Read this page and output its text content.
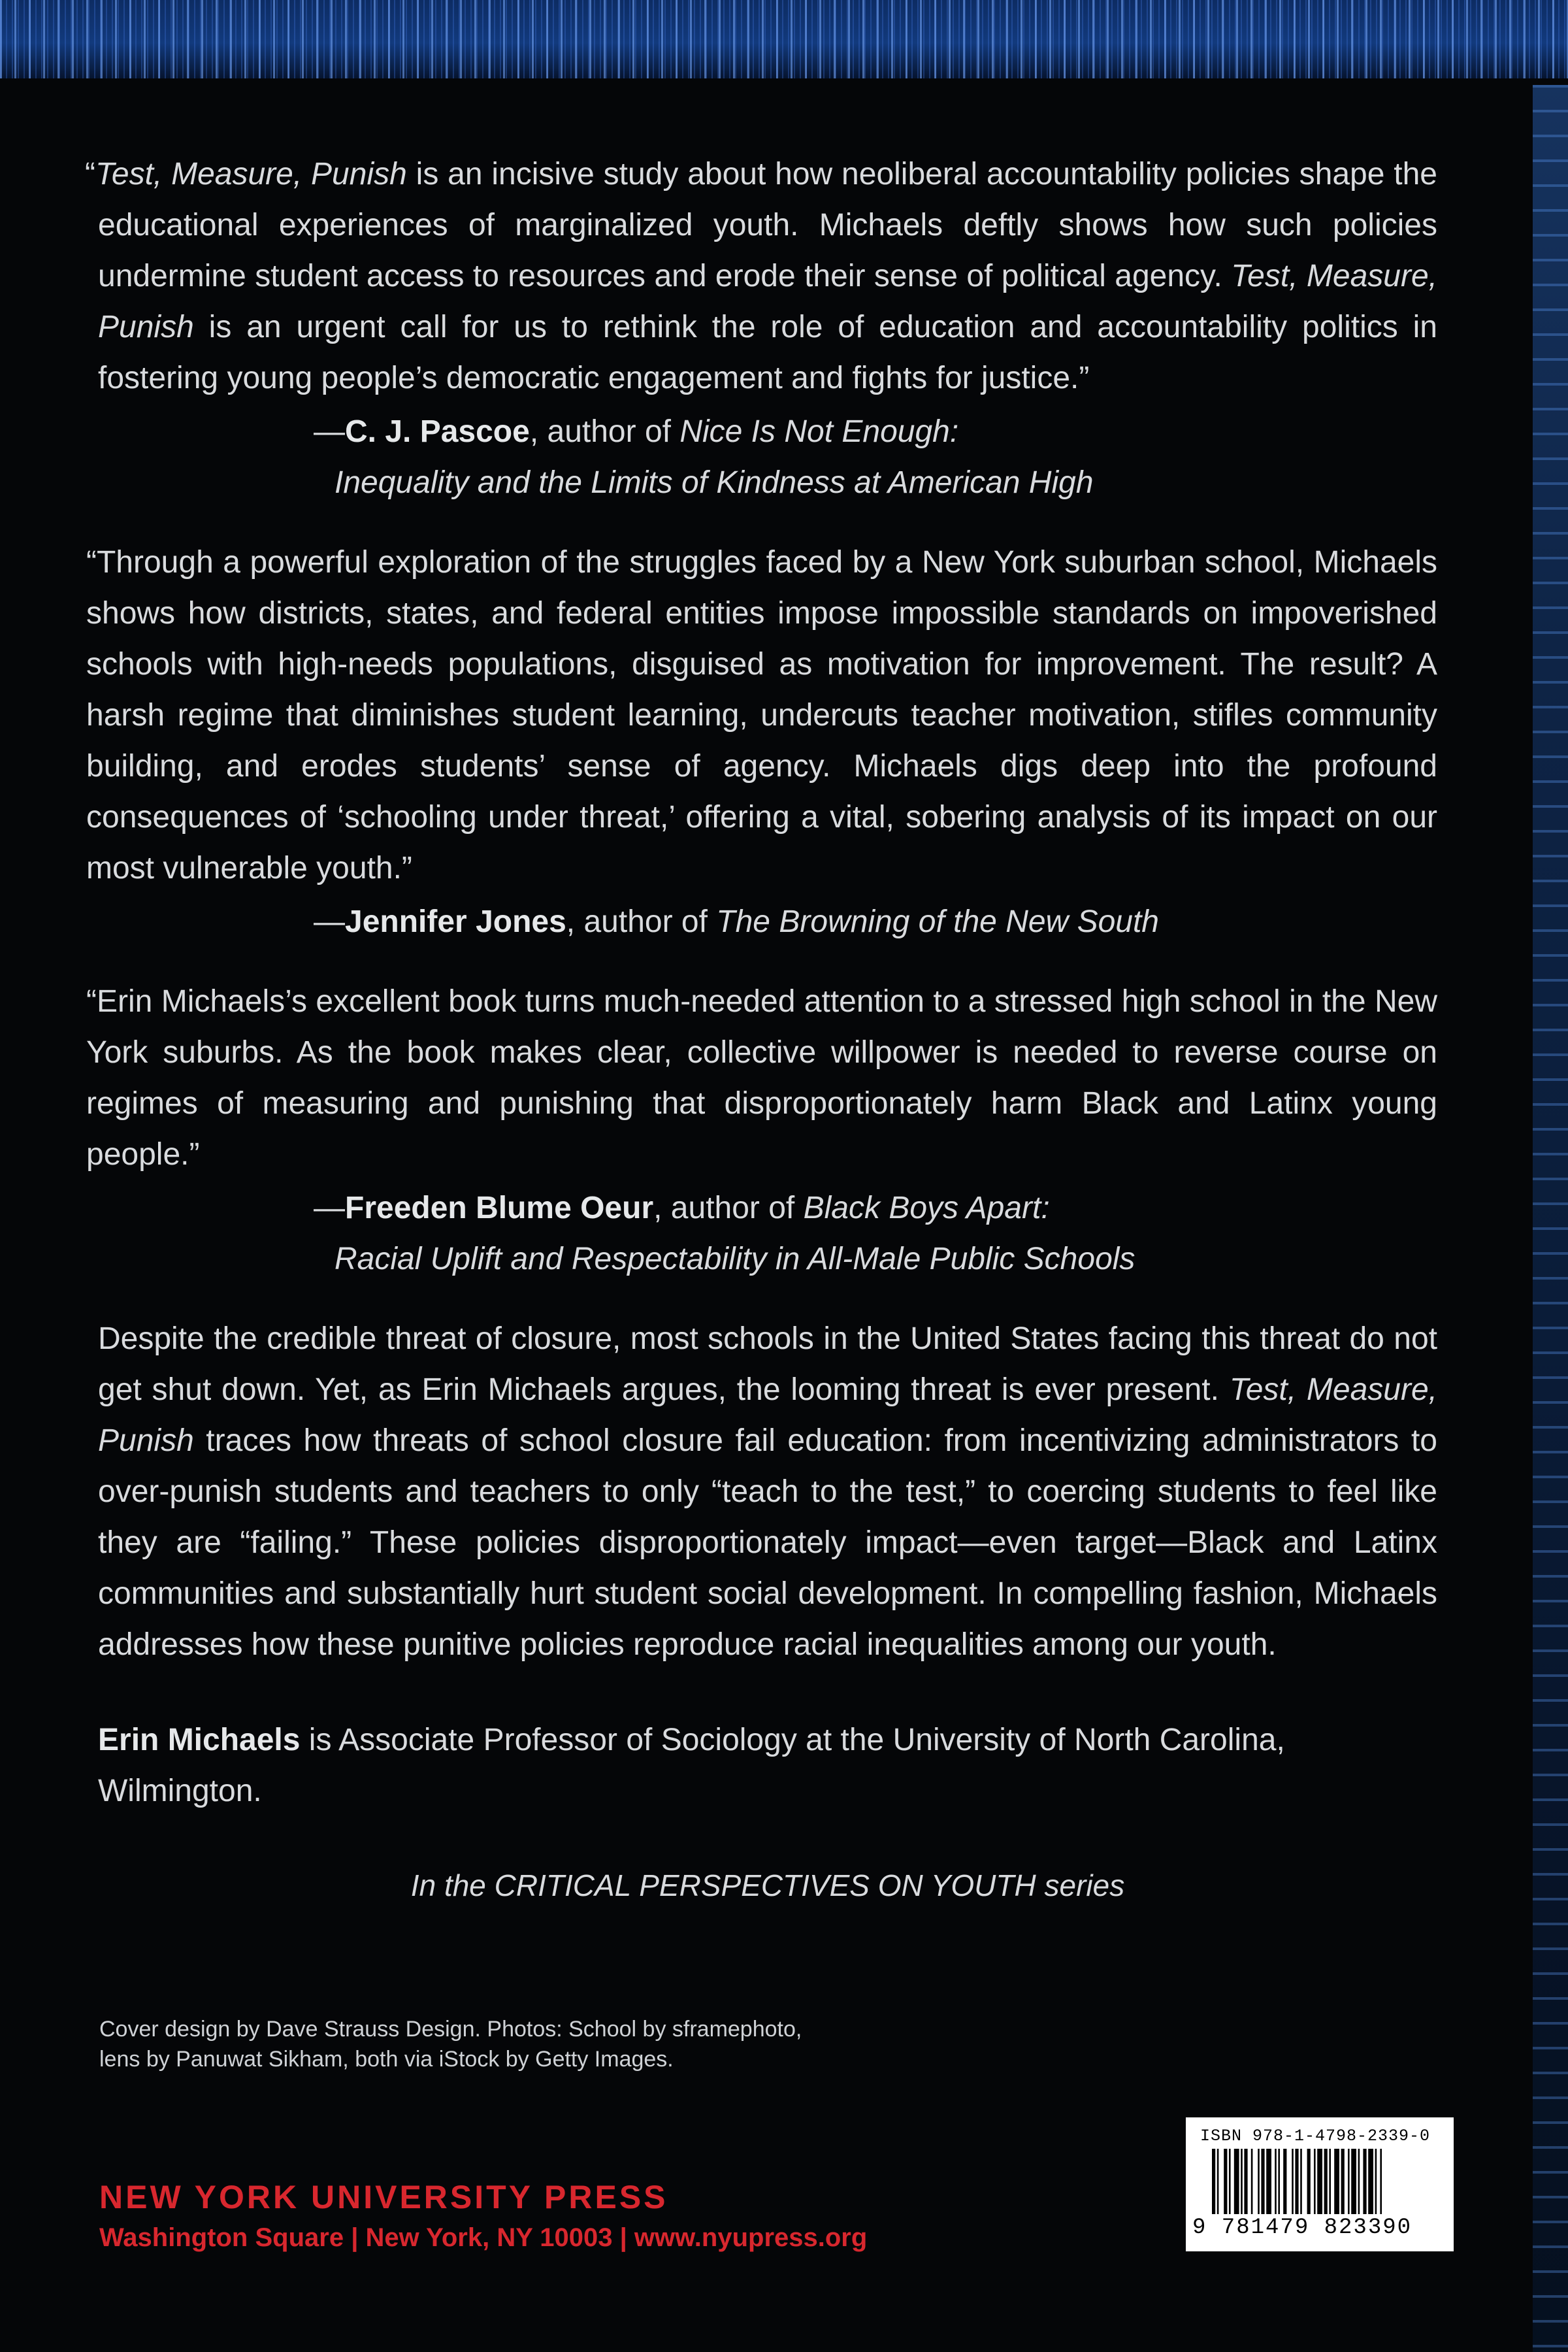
“Test, Measure, Punish is an incisive study about how neoliberal accountability policies shape the educational experiences of marginalized youth. Michaels deftly shows how such policies undermine student access to resources and erode their sense of political agency. Test, Measure, Punish is an urgent call for us to rethink the role of education and accountability politics in fostering young people’s democratic engagement and fights for justice.”
—C. J. Pascoe, author of Nice Is Not Enough:
Inequality and the Limits of Kindness at American High
“Through a powerful exploration of the struggles faced by a New York suburban school, Michaels shows how districts, states, and federal entities impose impossible standards on impoverished schools with high-needs populations, disguised as motivation for improvement. The result? A harsh regime that diminishes student learning, undercuts teacher motivation, stifles community building, and erodes students’ sense of agency. Michaels digs deep into the profound consequences of ‘schooling under threat,’ offering a vital, sobering analysis of its impact on our most vulnerable youth.”
—Jennifer Jones, author of The Browning of the New South
“Erin Michaels’s excellent book turns much-needed attention to a stressed high school in the New York suburbs. As the book makes clear, collective willpower is needed to reverse course on regimes of measuring and punishing that disproportionately harm Black and Latinx young people.”
—Freeden Blume Oeur, author of Black Boys Apart:
Racial Uplift and Respectability in All-Male Public Schools
Despite the credible threat of closure, most schools in the United States facing this threat do not get shut down. Yet, as Erin Michaels argues, the looming threat is ever present. Test, Measure, Punish traces how threats of school closure fail education: from incentivizing administrators to over-punish students and teachers to only “teach to the test,” to coercing students to feel like they are “failing.” These policies disproportionately impact—even target—Black and Latinx communities and substantially hurt student social development. In compelling fashion, Michaels addresses how these punitive policies reproduce racial inequalities among our youth.
Erin Michaels is Associate Professor of Sociology at the University of North Carolina, Wilmington.
In the CRITICAL PERSPECTIVES ON YOUTH series
Cover design by Dave Strauss Design. Photos: School by sframephoto,
lens by Panuwat Sikham, both via iStock by Getty Images.
NEW YORK UNIVERSITY PRESS
Washington Square | New York, NY 10003 | www.nyupress.org
ISBN 978-1-4798-2339-0
9 781479 823390
